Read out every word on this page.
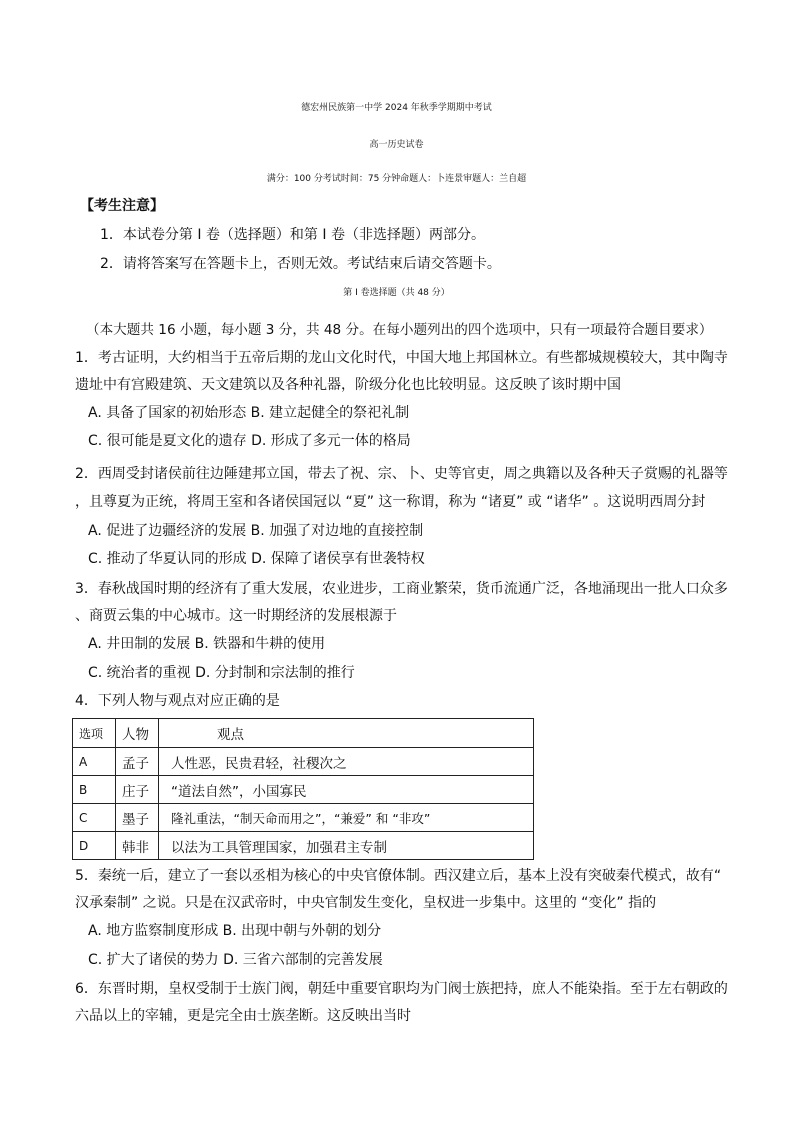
德宏州民族第一中学 2024 年秋季学期期中考试
高一历史试卷
满分：100 分考试时间：75 分钟命题人：卜连景审题人：兰自超
【考生注意】
1．本试卷分第 Ⅰ 卷（选择题）和第 Ⅰ 卷（非选择题）两部分。
2．请将答案写在答题卡上，否则无效。考试结束后请交答题卡。
第 Ⅰ 卷选择题（共 48 分）
（本大题共 16 小题，每小题 3 分，共 48 分。在每小题列出的四个选项中，只有一项最符合题目要求）
1．考古证明，大约相当于五帝后期的龙山文化时代，中国大地上邦国林立。有些都城规模较大，其中陶寺
遗址中有宫殿建筑、天文建筑以及各种礼器，阶级分化也比较明显。这反映了该时期中国
A. 具备了国家的初始形态 B. 建立起健全的祭祀礼制
C. 很可能是夏文化的遗存 D. 形成了多元一体的格局
2．西周受封诸侯前往边陲建邦立国，带去了祝、宗、卜、史等官吏，周之典籍以及各种天子赏赐的礼器等
，且尊夏为正统，将周王室和各诸侯国冠以 “夏” 这一称谓，称为 “诸夏” 或 “诸华” 。这说明西周分封
A. 促进了边疆经济的发展 B. 加强了对边地的直接控制
C. 推动了华夏认同的形成 D. 保障了诸侯享有世袭特权
3．春秋战国时期的经济有了重大发展，农业进步，工商业繁荣，货币流通广泛，各地涌现出一批人口众多
、商贾云集的中心城市。这一时期经济的发展根源于
A. 井田制的发展 B. 铁器和牛耕的使用
C. 统治者的重视 D. 分封制和宗法制的推行
4．下列人物与观点对应正确的是
选项	人物	观点
A	孟子	人性恶，民贵君轻，社稷次之
B	庄子	“道法自然”，小国寡民
C	墨子	隆礼重法，“制天命而用之”，“兼爱” 和 “非攻”
D	韩非	以法为工具管理国家，加强君主专制
5．秦统一后，建立了一套以丞相为核心的中央官僚体制。西汉建立后，基本上没有突破秦代模式，故有“
汉承秦制” 之说。只是在汉武帝时，中央官制发生变化，皇权进一步集中。这里的 “变化” 指的
A. 地方监察制度形成 B. 出现中朝与外朝的划分
C. 扩大了诸侯的势力 D. 三省六部制的完善发展
6．东晋时期，皇权受制于士族门阀，朝廷中重要官职均为门阀士族把持，庶人不能染指。至于左右朝政的
六品以上的宰辅，更是完全由士族垄断。这反映出当时
